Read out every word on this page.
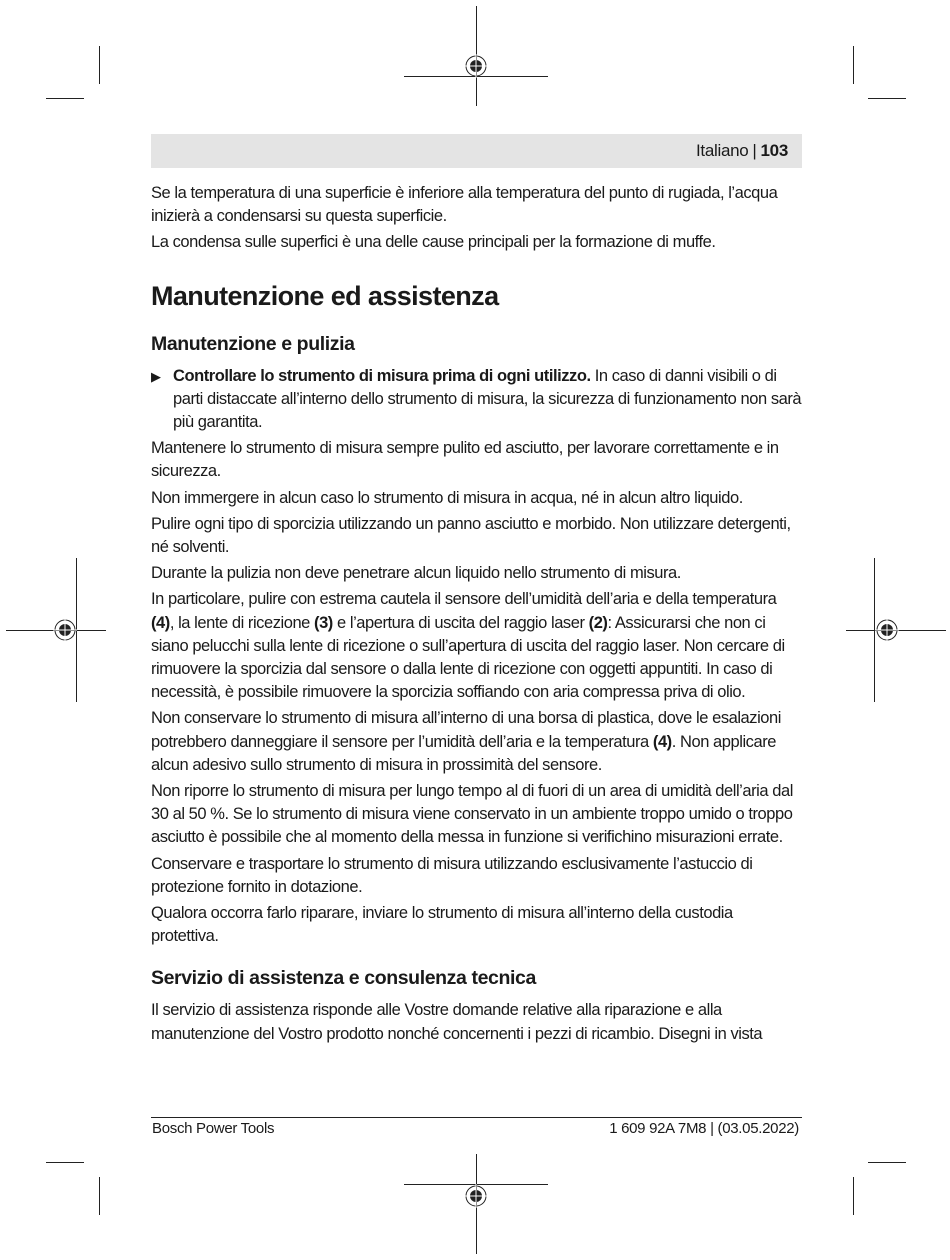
Italiano | 103

Se la temperatura di una superficie è inferiore alla temperatura del punto di rugiada, l’acqua inizierà a condensarsi su questa superficie.

La condensa sulle superfici è una delle cause principali per la formazione di muffe.

Manutenzione ed assistenza
Manutenzione e pulizia
▶ Controllare lo strumento di misura prima di ogni utilizzo. In caso di danni visibili o di parti distaccate all’interno dello strumento di misura, la sicurezza di funzionamento non sarà più garantita.

Mantenere lo strumento di misura sempre pulito ed asciutto, per lavorare correttamente e in sicurezza.

Non immergere in alcun caso lo strumento di misura in acqua, né in alcun altro liquido.

Pulire ogni tipo di sporcizia utilizzando un panno asciutto e morbido. Non utilizzare detergenti, né solventi.

Durante la pulizia non deve penetrare alcun liquido nello strumento di misura.

In particolare, pulire con estrema cautela il sensore dell’umidità dell’aria e della temperatura (4), la lente di ricezione (3) e l’apertura di uscita del raggio laser (2): Assicurarsi che non ci siano pelucchi sulla lente di ricezione o sull’apertura di uscita del raggio laser. Non cercare di rimuovere la sporcizia dal sensore o dalla lente di ricezione con oggetti appuntiti. In caso di necessità, è possibile rimuovere la sporcizia soffiando con aria compressa priva di olio.

Non conservare lo strumento di misura all’interno di una borsa di plastica, dove le esalazioni potrebbero danneggiare il sensore per l’umidità dell’aria e la temperatura (4). Non applicare alcun adesivo sullo strumento di misura in prossimità del sensore.

Non riporre lo strumento di misura per lungo tempo al di fuori di un area di umidità dell’aria dal 30 al 50 %. Se lo strumento di misura viene conservato in un ambiente troppo umido o troppo asciutto è possibile che al momento della messa in funzione si verifichino misurazioni errate.

Conservare e trasportare lo strumento di misura utilizzando esclusivamente l’astuccio di protezione fornito in dotazione.

Qualora occorra farlo riparare, inviare lo strumento di misura all’interno della custodia protettiva.

Servizio di assistenza e consulenza tecnica

Il servizio di assistenza risponde alle Vostre domande relative alla riparazione e alla manutenzione del Vostro prodotto nonché concernenti i pezzi di ricambio. Disegni in vista

Bosch Power Tools	1 609 92A 7M8 | (03.05.2022)
